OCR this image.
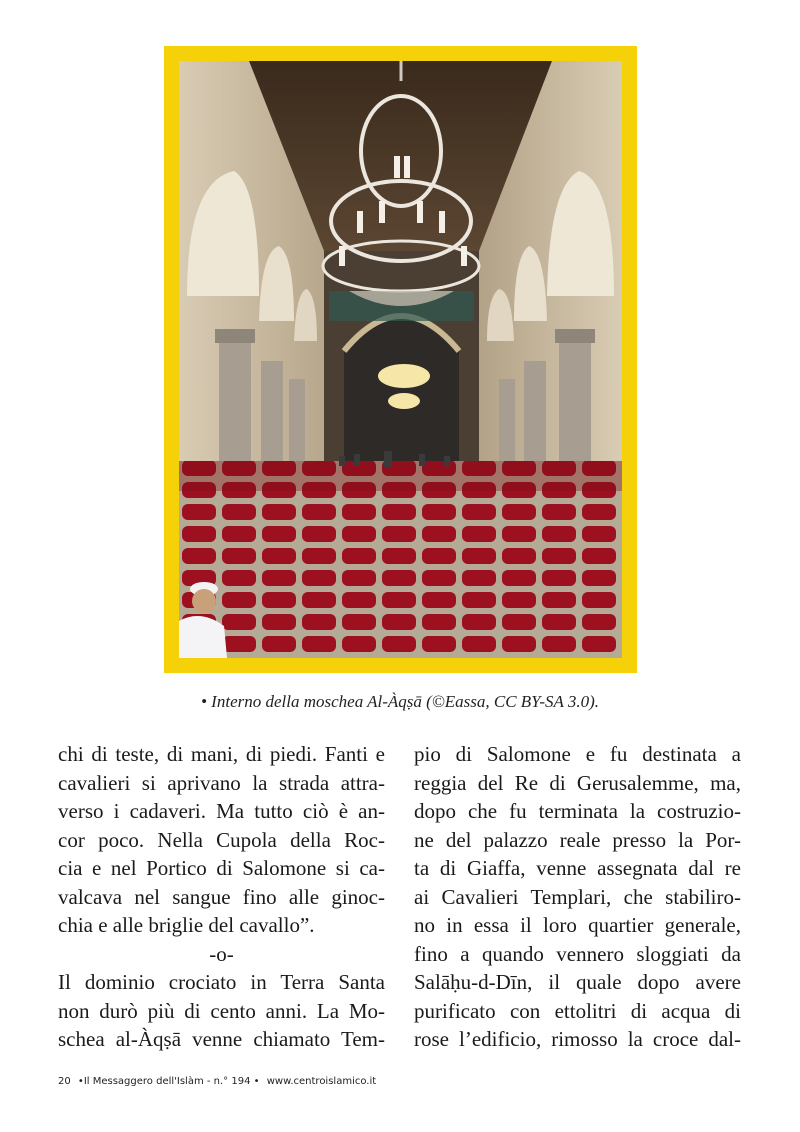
• Interno della moschea Al-Àqṣā (©Eassa, CC BY-SA 3.0).
chi di teste, di mani, di piedi. Fanti e
cavalieri si aprivano la strada attra-
verso i cadaveri. Ma tutto ciò è an-
cor poco. Nella Cupola della Roc-
cia e nel Portico di Salomone si ca-
valcava nel sangue fino alle ginoc-
chia e alle briglie del cavallo”.
-o-
Il dominio crociato in Terra Santa
non durò più di cento anni. La Mo-
schea al-Àqṣā venne chiamato Tem-
pio di Salomone e fu destinata a
reggia del Re di Gerusalemme, ma,
dopo che fu terminata la costruzio-
ne del palazzo reale presso la Por-
ta di Giaffa, venne assegnata dal re
ai Cavalieri Templari, che stabiliro-
no in essa il loro quartier generale,
fino a quando vennero sloggiati da
Salāḥu-d-Dīn, il quale dopo avere
purificato con ettolitri di acqua di
rose l’edificio, rimosso la croce dal-
20 •Il Messaggero dell'Islàm - n.° 194 • www.centroislamico.it
